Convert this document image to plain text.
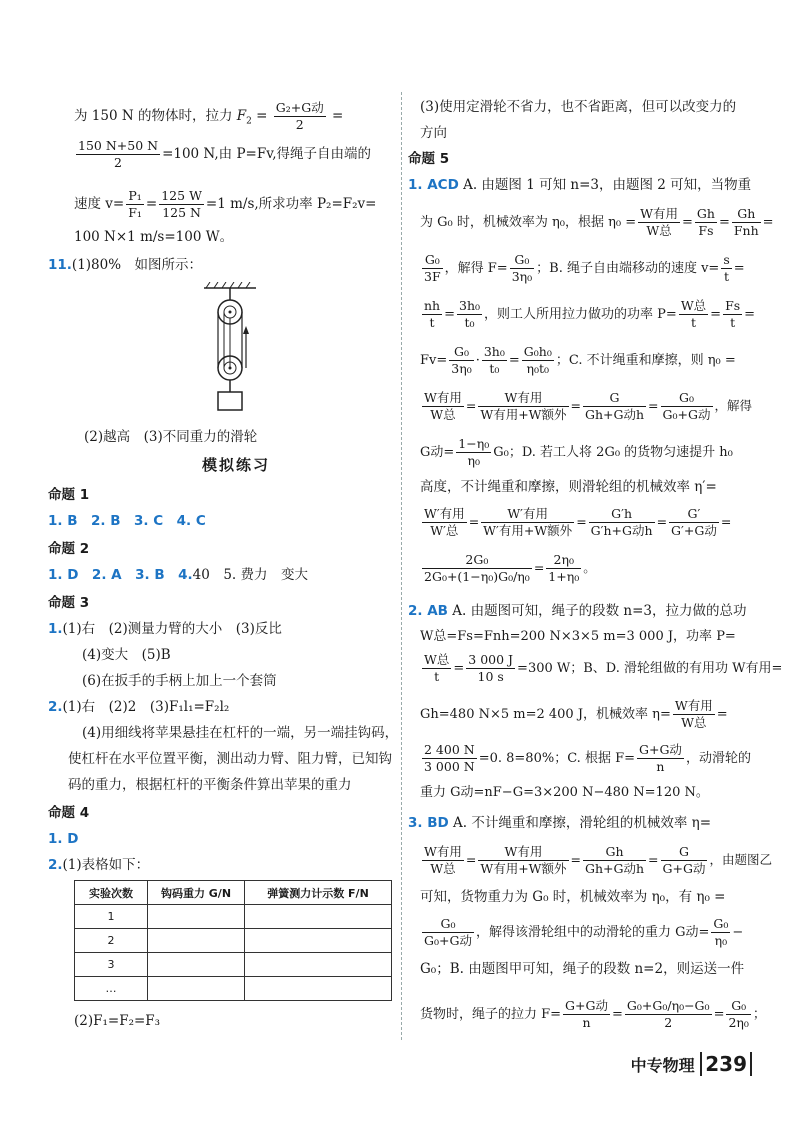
为 150 N 的物体时，拉力 $F_2 = \frac{\text{G₂+G动}}{2}$ =
$\frac{150 N+50 N}{2} =100$ N,由 P=Fv,得绳子自由端的
速度 $v= \frac{\text{P₁}}{\text{F₁}} = \frac{125 W}{125 N} =1$ m/s,所求功率 P₂=F₂v=
100 N×1 m/s=100 W。
11.(1)80%　如图所示：
(2)越高　(3)不同重力的滑轮
模拟练习
命题 1
1. B　2. B　3. C　4. C
命题 2
1. D　2. A　3. B　4.40　5. 费力　变大
命题 3
1.(1)右　(2)测量力臂的大小　(3)反比
(4)变大　(5)B
(6)在扳手的手柄上加上一个套筒
2.(1)右　(2)2　(3)F₁l₁=F₂l₂
(4)用细线将苹果悬挂在杠杆的一端，另一端挂钩码，
使杠杆在水平位置平衡，测出动力臂、阻力臂，已知钩
码的重力，根据杠杆的平衡条件算出苹果的重力
命题 4
1. D
2.(1)表格如下：
实验次数	钩码重力 G/N	弹簧测力计示数 F/N
1		
2		
3		
…		
(2)F₁=F₂=F₃
(3)使用定滑轮不省力，也不省距离，但可以改变力的
方向
命题 5
1. ACD A. 由题图 1 可知 n=3，由题图 2 可知，当物重
为 G₀ 时，机械效率为 η₀，根据 $\eta_0 = \frac{\text{W有用}}{\text{W总}} = \frac{Gh}{Fs} = \frac{Gh}{\text{Fnh}}$ =
$\frac{\text{G₀}}{3F}$ ，解得 $F= \frac{\text{G₀}}{\text{3η₀}}$ ；B. 绳子自由端移动的速度 $v= \frac{s}{t}$ =
$\frac{nh}{t} = \frac{\text{3h₀}}{\text{t₀}}$ ，则工人所用拉力做功的功率 $P= \frac{\text{W总}}{t} = \frac{Fs}{t}$ =
$Fv= \frac{\text{G₀}}{\text{3η₀}} \cdot \frac{\text{3h₀}}{\text{t₀}} = \frac{\text{G₀h₀}}{\text{η₀t₀}}$ ；C. 不计绳重和摩擦，则 η₀ =
$\frac{\text{W有用}}{\text{W总}} = \frac{\text{W有用}}{\text{W有用+W额外}} = \frac{G}{\text{Gh+G动h}} = \frac{\text{G₀}}{\text{G₀+G动}}$ ，解得
G动= $\frac{\text{1−η₀}}{\text{η₀}} G_0$；D. 若工人将 2G₀ 的货物匀速提升 h₀
高度，不计绳重和摩擦，则滑轮组的机械效率 η′=
$\frac{\text{W′有用}}{\text{W′总}} = \frac{\text{W′有用}}{\text{W′有用+W额外}} = \frac{G'h}{\text{G′h+G动h}} = \frac{G'}{\text{G′+G动}}$ =
$\frac{\text{2G₀}}{\text{2G₀+(1−η₀)G₀/η₀}} = \frac{\text{2η₀}}{\text{1+η₀}}$ 。
2. AB A. 由题图可知，绳子的段数 n=3，拉力做的总功
W总=Fs=Fnh=200 N×3×5 m=3 000 J，功率 P=
$\frac{\text{W总}}{t} = \frac{3 000 J}{10 s} =300$ W；B、D. 滑轮组做的有用功 W有用=
Gh=480 N×5 m=2 400 J，机械效率 $\eta= \frac{\text{W有用}}{\text{W总}}$ =
$\frac{2 400 N}{3 000 N} =0$. 8=80%；C. 根据 $F= \frac{\text{G+G动}}{n}$ ，动滑轮的
重力 G动=nF−G=3×200 N−480 N=120 N。
3. BD A. 不计绳重和摩擦，滑轮组的机械效率 η=
$\frac{\text{W有用}}{\text{W总}} = \frac{\text{W有用}}{\text{W有用+W额外}} = \frac{Gh}{\text{Gh+G动h}} = \frac{G}{\text{G+G动}}$ ，由题图乙
可知，货物重力为 G₀ 时，机械效率为 η₀，有 η₀ =
$\frac{\text{G₀}}{\text{G₀+G动}}$ ，解得该滑轮组中的动滑轮的重力 G动= $\frac{\text{G₀}}{\text{η₀}}$ −
G₀；B. 由题图甲可知，绳子的段数 n=2，则运送一件
货物时，绳子的拉力 $F= \frac{\text{G+G动}}{n} = \frac{\text{G₀+G₀/η₀−G₀}}{2} = \frac{\text{G₀}}{\text{2η₀}}$ ；
中专物理 239
